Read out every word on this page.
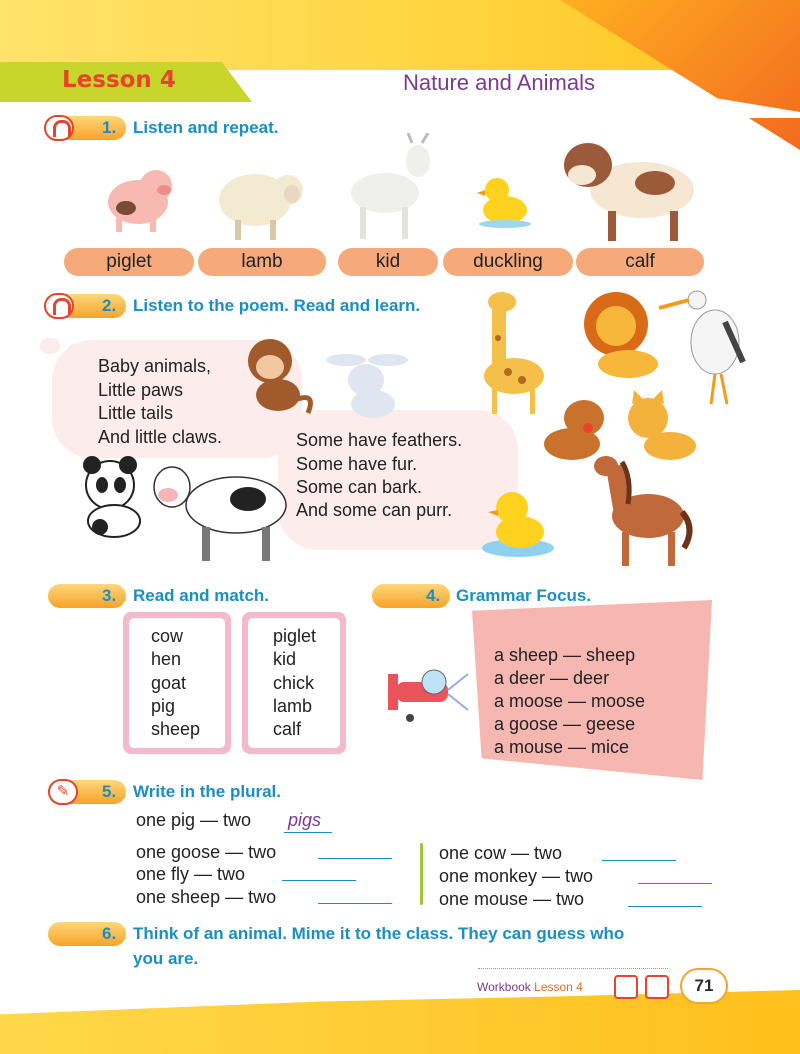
Lesson 4	Nature and Animals
1. Listen and repeat.
piglet	lamb	kid	duckling	calf
2. Listen to the poem. Read and learn.
Baby animals,
Little paws
Little tails
And little claws.	Some have feathers.
Some have fur.
Some can bark.
And some can purr.
3. Read and match.
cow
hen
goat
pig
sheep
piglet
kid
chick
lamb
calf
4. Grammar Focus.
a sheep — sheep
a deer — deer
a moose — moose
a goose — geese
a mouse — mice
✎	5. Write in the plural.
one pig — two pigs
one goose — two
one fly — two
one sheep — two
one cow — two
one monkey — two
one mouse — two
6. Think of an animal. Mime it to the class. They can guess who
you are.
Workbook Lesson 4	71
